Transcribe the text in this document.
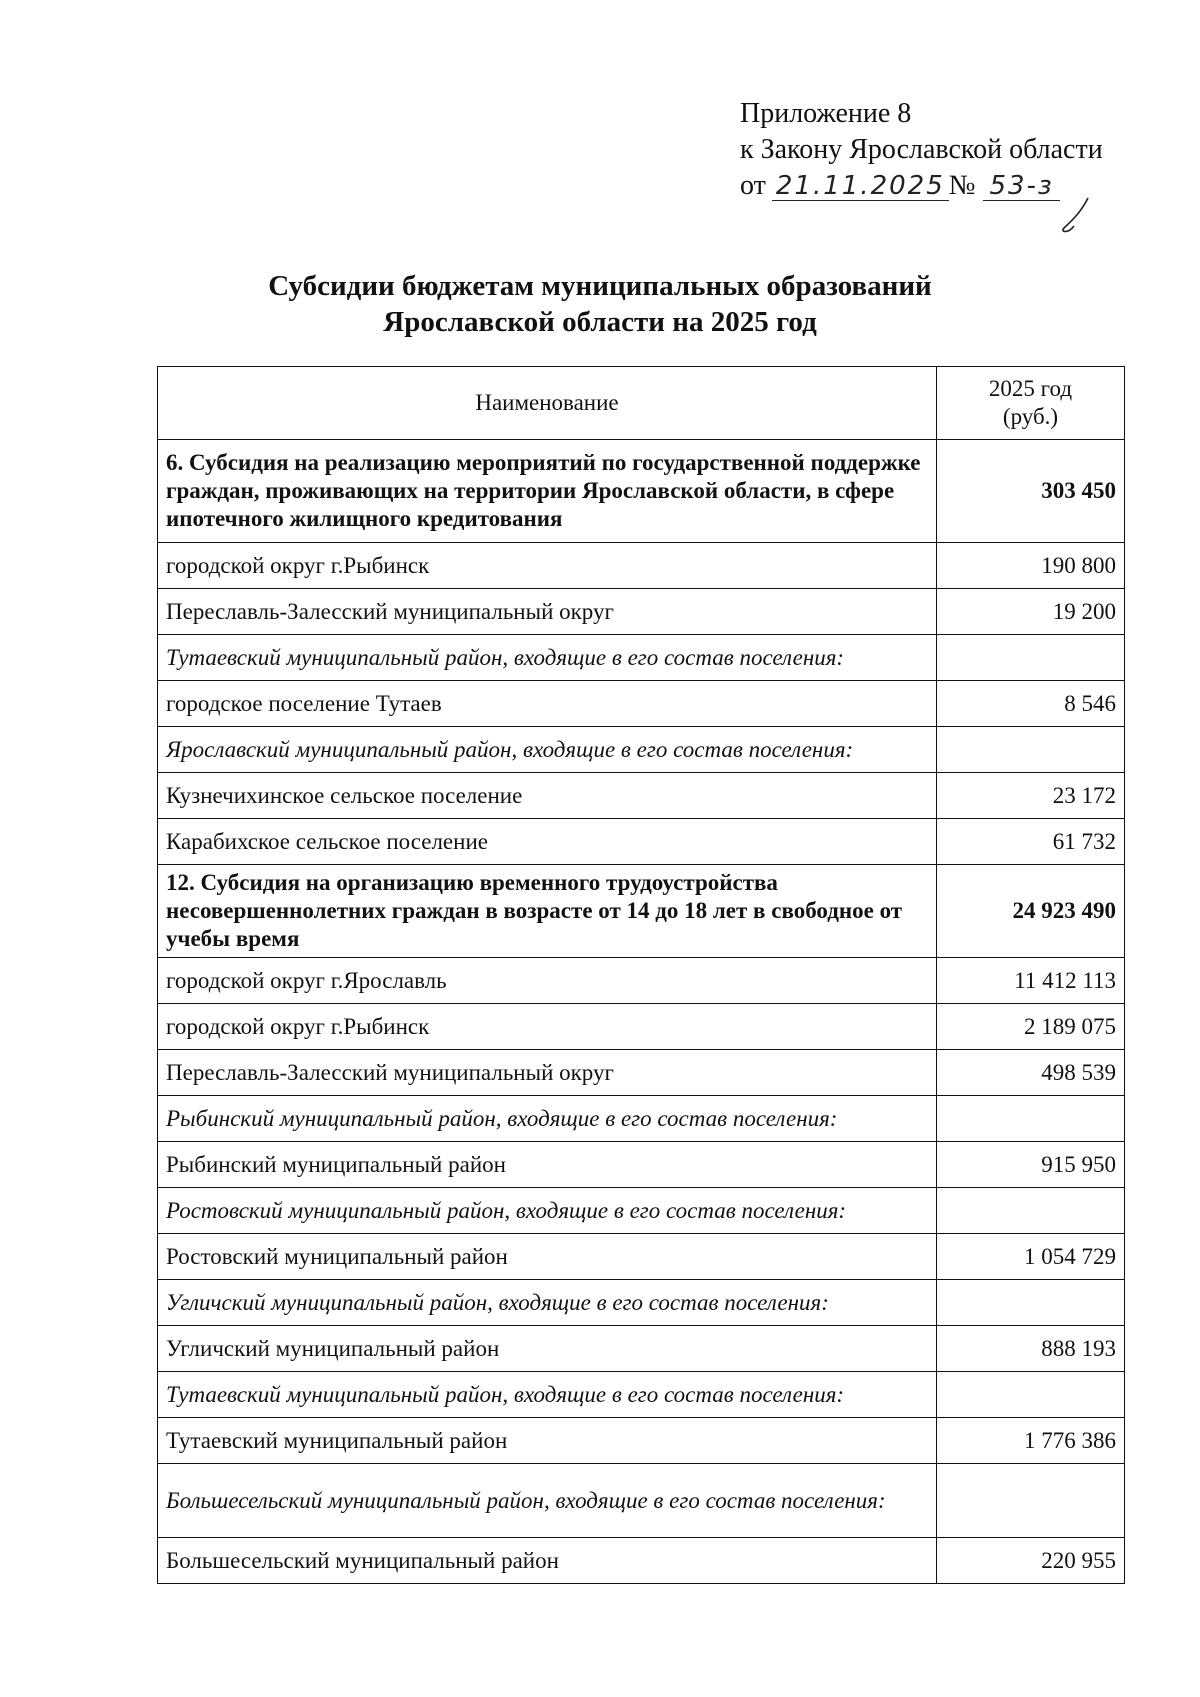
Приложение 8
к Закону Ярославской области
от 21.11.2025 № 53-з
Субсидии бюджетам муниципальных образований
Ярославской области на 2025 год
Наименование	2025 год
(руб.)

6. Субсидия на реализацию мероприятий по государственной поддержке граждан, проживающих на территории Ярославской области, в сфере ипотечного жилищного кредитования	303 450
городской округ г.Рыбинск	190 800
Переславль-Залесский муниципальный округ	19 200
Тутаевский муниципальный район, входящие в его состав поселения:	
городское поселение Тутаев	8 546
Ярославский муниципальный район, входящие в его состав поселения:	
Кузнечихинское сельское поселение	23 172
Карабихское сельское поселение	61 732
12. Субсидия на организацию временного трудоустройства несовершеннолетних граждан в возрасте от 14 до 18 лет в свободное от учебы время	24 923 490
городской округ г.Ярославль	11 412 113
городской округ г.Рыбинск	2 189 075
Переславль-Залесский муниципальный округ	498 539
Рыбинский муниципальный район, входящие в его состав поселения:	
Рыбинский муниципальный район	915 950
Ростовский муниципальный район, входящие в его состав поселения:	
Ростовский муниципальный район	1 054 729
Угличский муниципальный район, входящие в его состав поселения:	
Угличский муниципальный район	888 193
Тутаевский муниципальный район, входящие в его состав поселения:	
Тутаевский муниципальный район	1 776 386
Большесельский муниципальный район, входящие в его состав поселения:	
Большесельский муниципальный район	220 955
